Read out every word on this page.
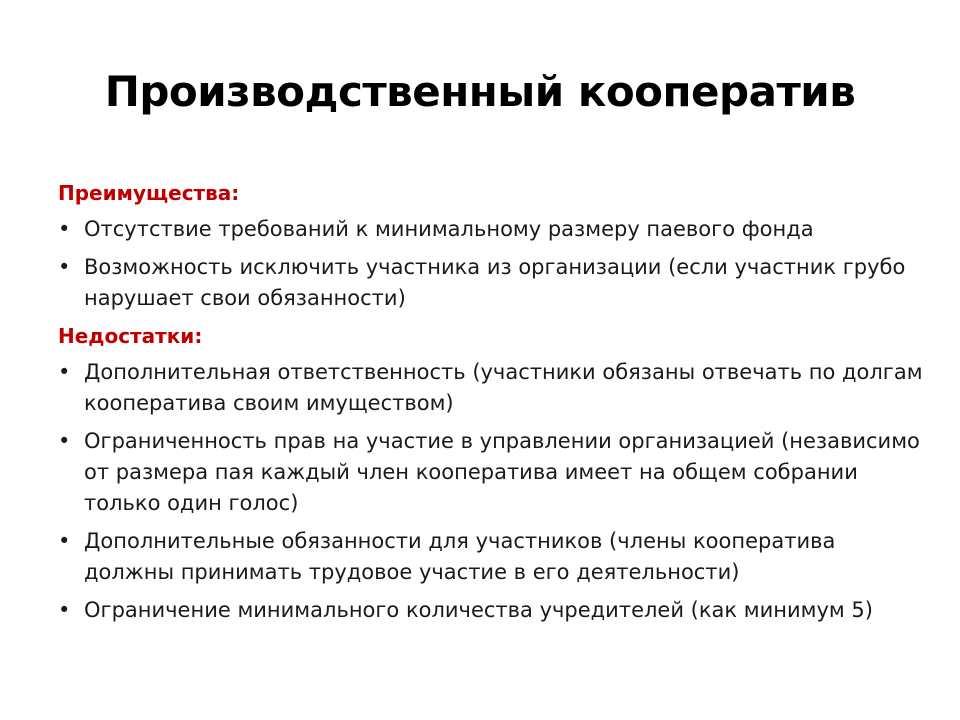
Производственный кооператив
Преимущества:
• Отсутствие требований к минимальному размеру паевого фонда
• Возможность исключить участника из организации (если участник грубо нарушает свои обязанности)
Недостатки:
• Дополнительная ответственность (участники обязаны отвечать по долгам кооператива своим имуществом)
• Ограниченность прав на участие в управлении организацией (независимо от размера пая каждый член кооператива имеет на общем собрании только один голос)
• Дополнительные обязанности для участников (члены кооператива должны принимать трудовое участие в его деятельности)
• Ограничение минимального количества учредителей (как минимум 5)
